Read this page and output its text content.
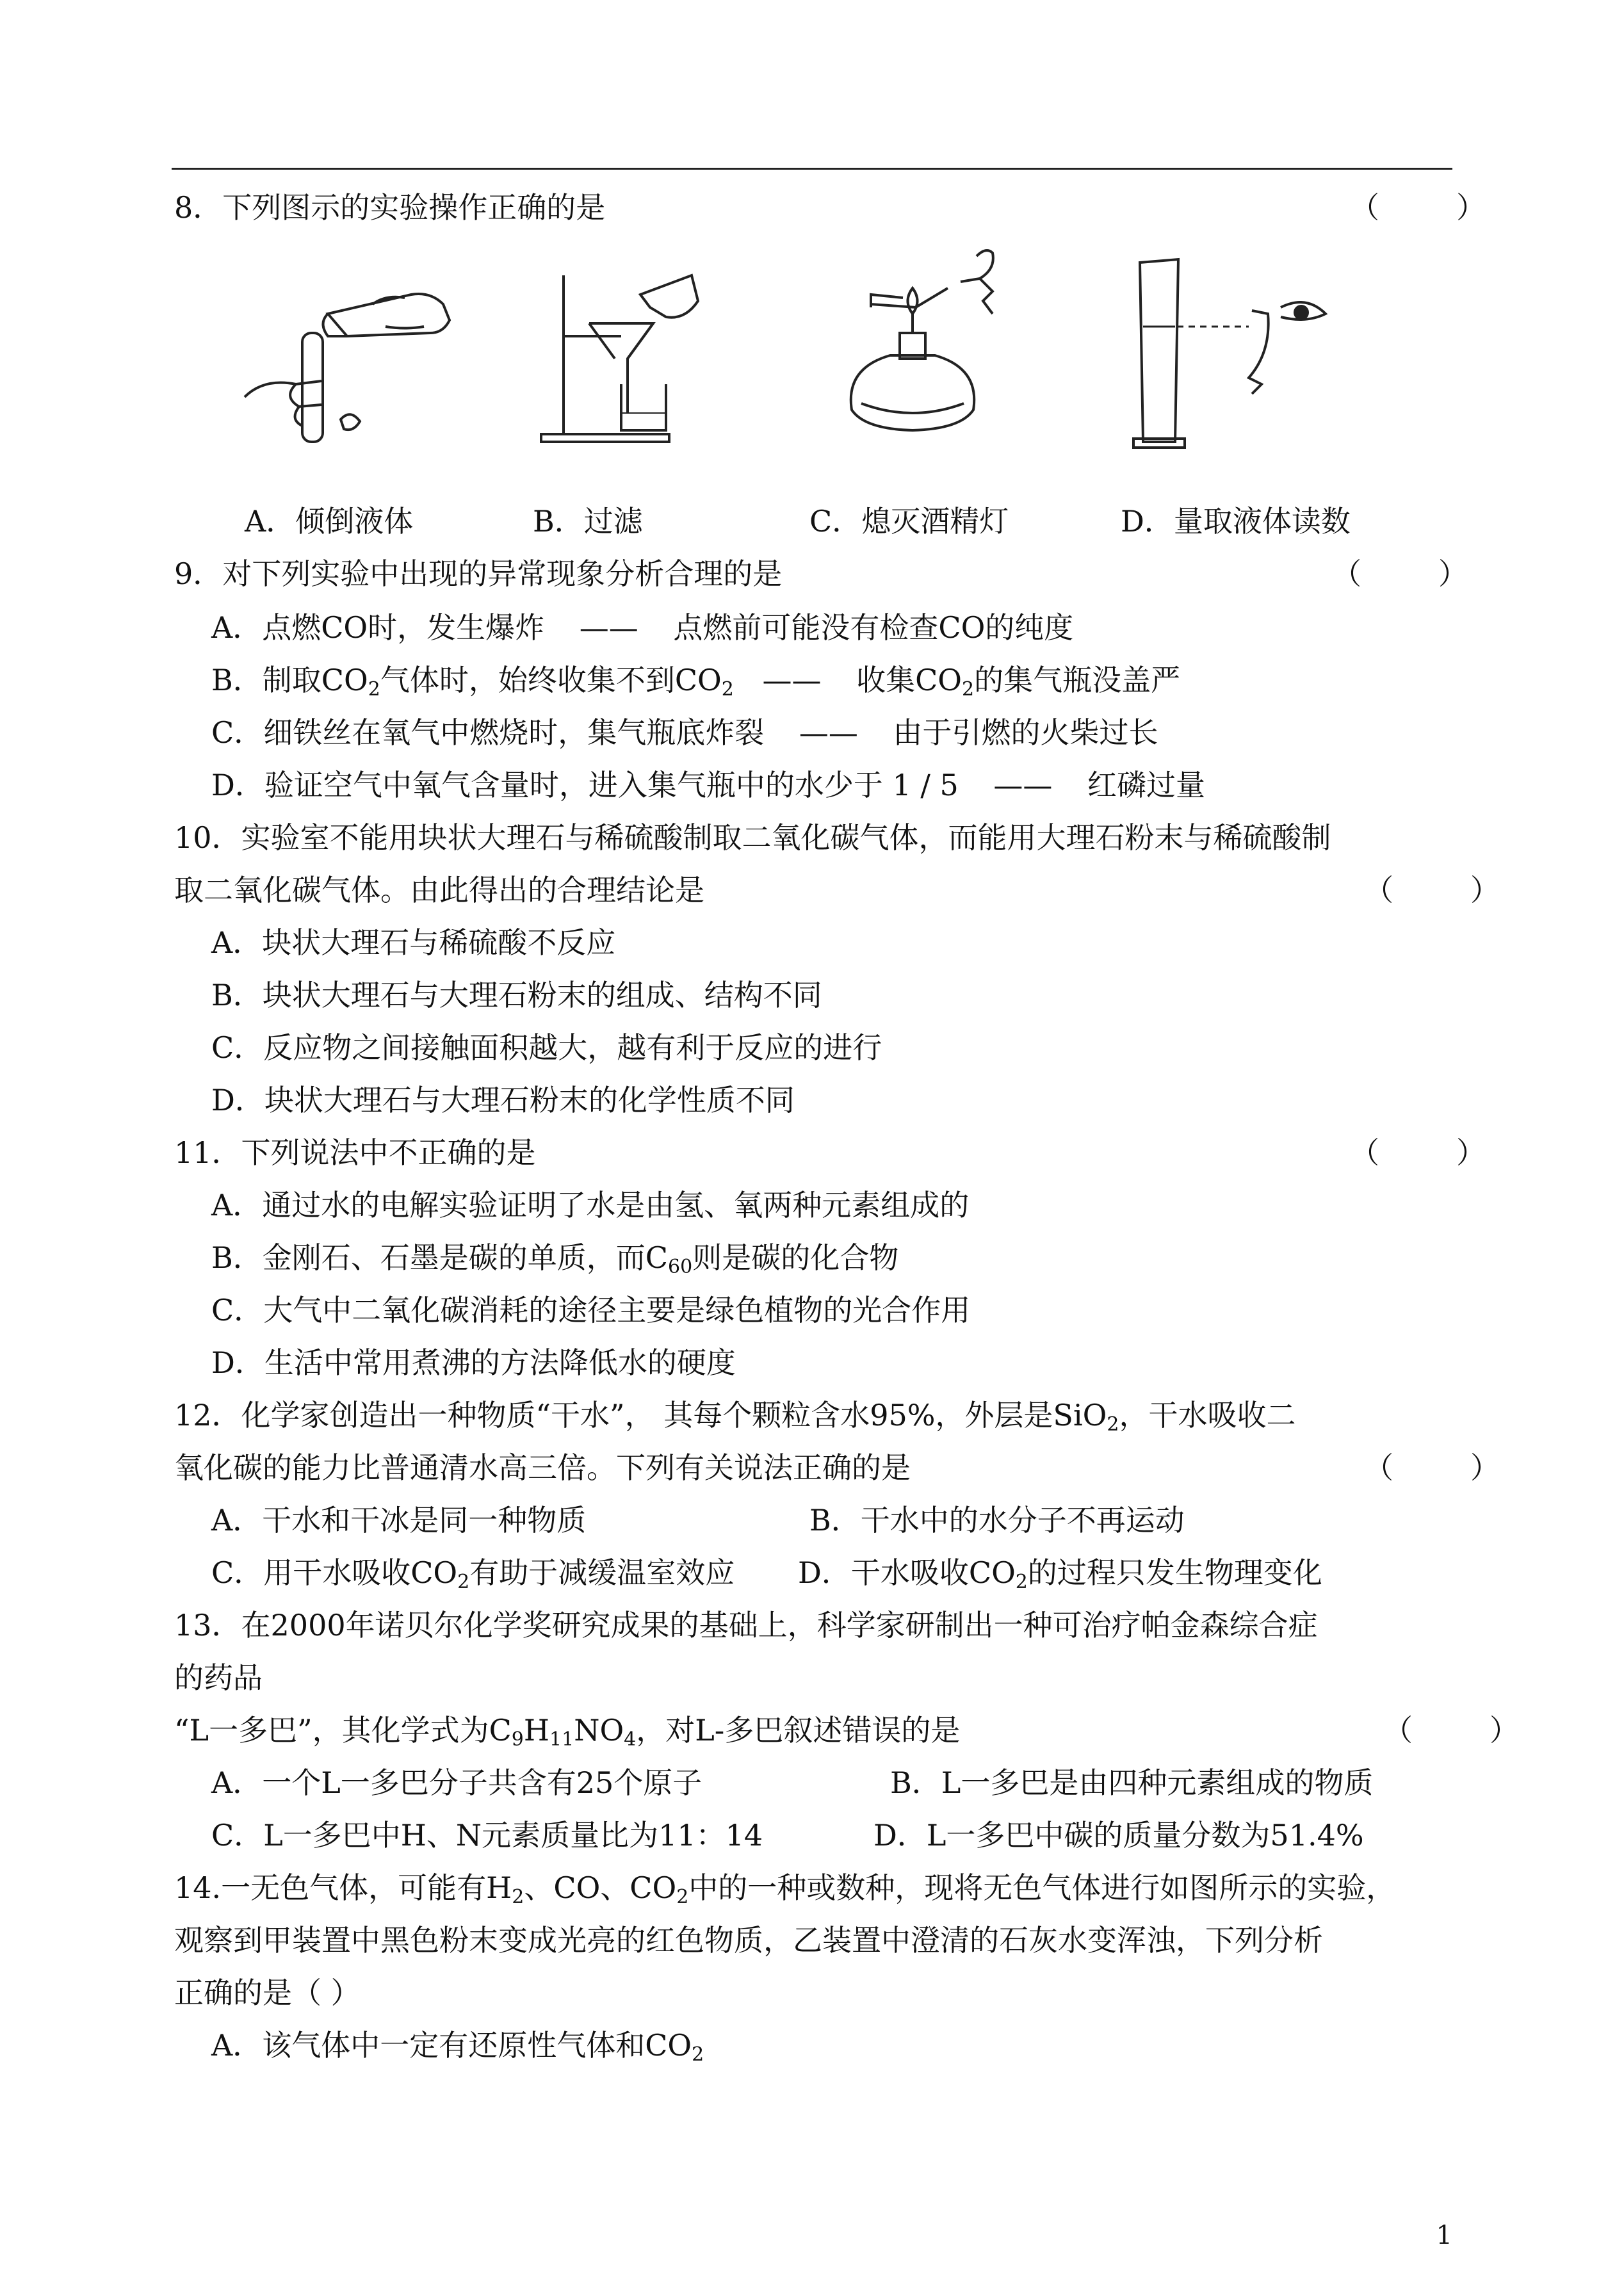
8．下列图示的实验操作正确的是	（	）
A．倾倒液体	B．过滤	C．熄灭酒精灯	D．量取液体读数
9．对下列实验中出现的异常现象分析合理的是	（	）
A．点燃CO时，发生爆炸 —— 点燃前可能没有检查CO的纯度
B．制取$CO_2$气体时，始终收集不到$CO_2$ —— 收集$CO_2$的集气瓶没盖严
C．细铁丝在氧气中燃烧时，集气瓶底炸裂 —— 由于引燃的火柴过长
D．验证空气中氧气含量时，进入集气瓶中的水少于 1 / 5 —— 红磷过量
10．实验室不能用块状大理石与稀硫酸制取二氧化碳气体，而能用大理石粉末与稀硫酸制
取二氧化碳气体。由此得出的合理结论是	（	）
A．块状大理石与稀硫酸不反应
B．块状大理石与大理石粉末的组成、结构不同
C．反应物之间接触面积越大，越有利于反应的进行
D．块状大理石与大理石粉末的化学性质不同
11．下列说法中不正确的是	（	）
A．通过水的电解实验证明了水是由氢、氧两种元素组成的
B．金刚石、石墨是碳的单质，而$C_{60}$则是碳的化合物
C．大气中二氧化碳消耗的途径主要是绿色植物的光合作用
D．生活中常用煮沸的方法降低水的硬度
12．化学家创造出一种物质“干水”， 其每个颗粒含水95%，外层是SiO$_2$，干水吸收二
氧化碳的能力比普通清水高三倍。下列有关说法正确的是	（	）
A．干水和干冰是同一种物质	B．干水中的水分子不再运动
C．用干水吸收$CO_2$有助于减缓温室效应 D．干水吸收$CO_2$的过程只发生物理变化
13．在2000年诺贝尔化学奖研究成果的基础上，科学家研制出一种可治疗帕金森综合症
的药品
“L一多巴”，其化学式为$C_9H_{11}NO_4$，对L-多巴叙述错误的是	（	）
A．一个L一多巴分子共含有25个原子	B．L一多巴是由四种元素组成的物质
C．L一多巴中H、N元素质量比为11：14	D．L一多巴中碳的质量分数为51.4%
14.一无色气体，可能有$H_2$、CO、$CO_2$中的一种或数种，现将无色气体进行如图所示的实验，
观察到甲装置中黑色粉末变成光亮的红色物质，乙装置中澄清的石灰水变浑浊，下列分析
正确的是（ ）
A．该气体中一定有还原性气体和$CO_2$
1
